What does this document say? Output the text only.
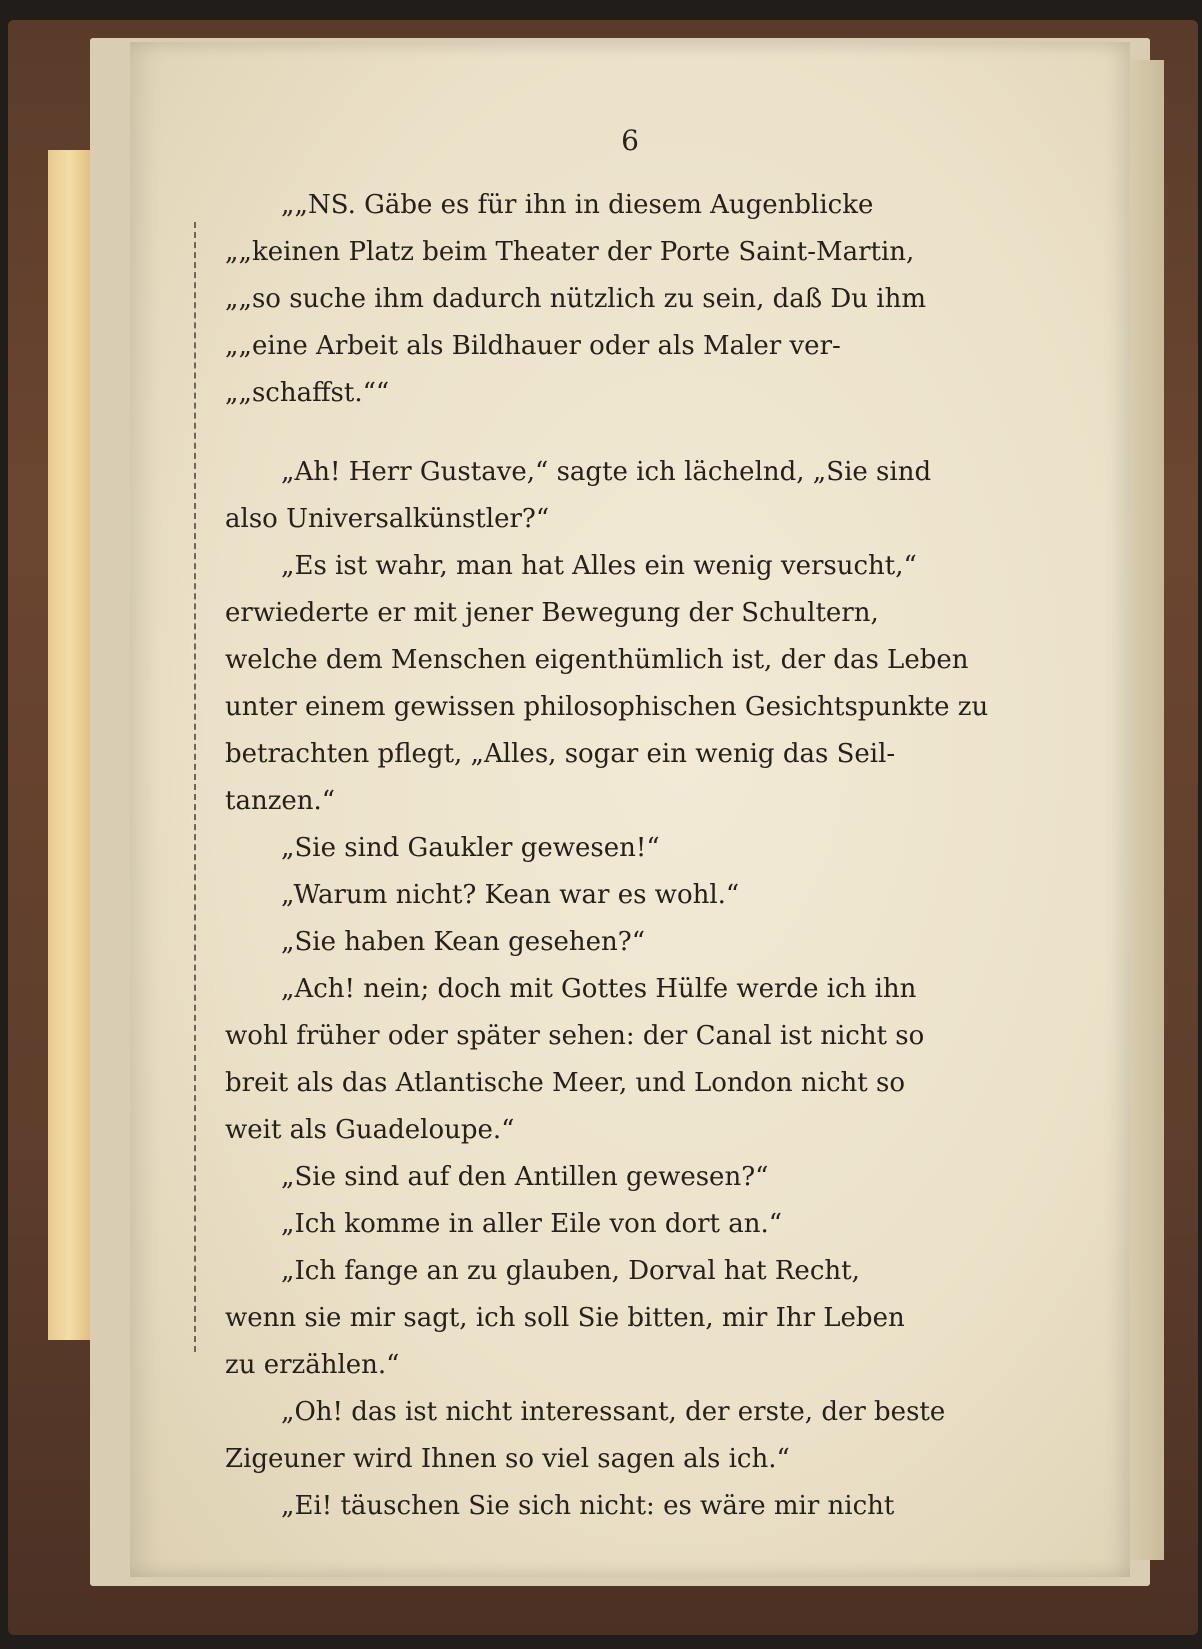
6
„„NS. Gäbe es für ihn in diesem Augenblicke
„„keinen Platz beim Theater der Porte Saint-Martin,
„„so suche ihm dadurch nützlich zu sein, daß Du ihm
„„eine Arbeit als Bildhauer oder als Maler ver-
„„schaffst.““
„Ah! Herr Gustave,“ sagte ich lächelnd, „Sie sind
also Universalkünstler?“
„Es ist wahr, man hat Alles ein wenig versucht,“
erwiederte er mit jener Bewegung der Schultern,
welche dem Menschen eigenthümlich ist, der das Leben
unter einem gewissen philosophischen Gesichtspunkte zu
betrachten pflegt, „Alles, sogar ein wenig das Seil-
tanzen.“
„Sie sind Gaukler gewesen!“
„Warum nicht? Kean war es wohl.“
„Sie haben Kean gesehen?“
„Ach! nein; doch mit Gottes Hülfe werde ich ihn
wohl früher oder später sehen: der Canal ist nicht so
breit als das Atlantische Meer, und London nicht so
weit als Guadeloupe.“
„Sie sind auf den Antillen gewesen?“
„Ich komme in aller Eile von dort an.“
„Ich fange an zu glauben, Dorval hat Recht,
wenn sie mir sagt, ich soll Sie bitten, mir Ihr Leben
zu erzählen.“
„Oh! das ist nicht interessant, der erste, der beste
Zigeuner wird Ihnen so viel sagen als ich.“
„Ei! täuschen Sie sich nicht: es wäre mir nicht
